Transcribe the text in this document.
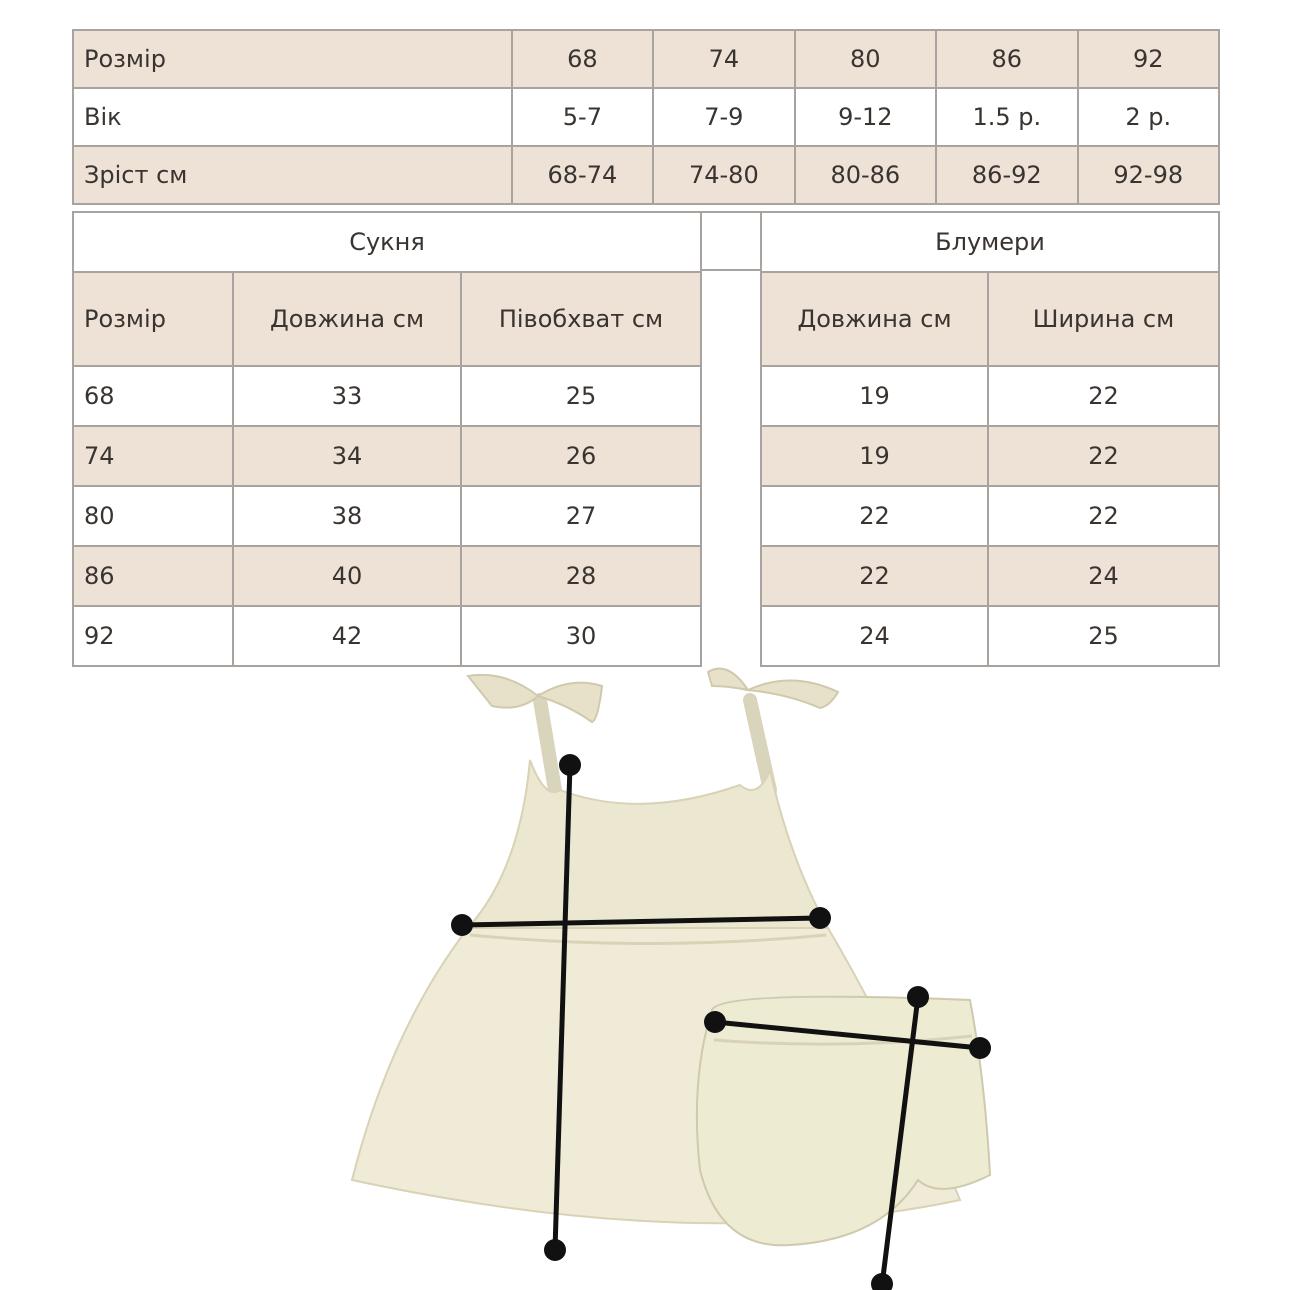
Розмір	68	74	80	86	92
Вік	5-7	7-9	9-12	1.5 р.	2 р.
Зріст см	68-74	74-80	80-86	86-92	92-98
Сукня		
Розмір	Довжина см	Півобхват см
68	33	25
74	34	26
80	38	27
86	40	28
92	42	30
Блумери	
Довжина см	Ширина см
19	22
19	22
22	22
22	24
24	25
